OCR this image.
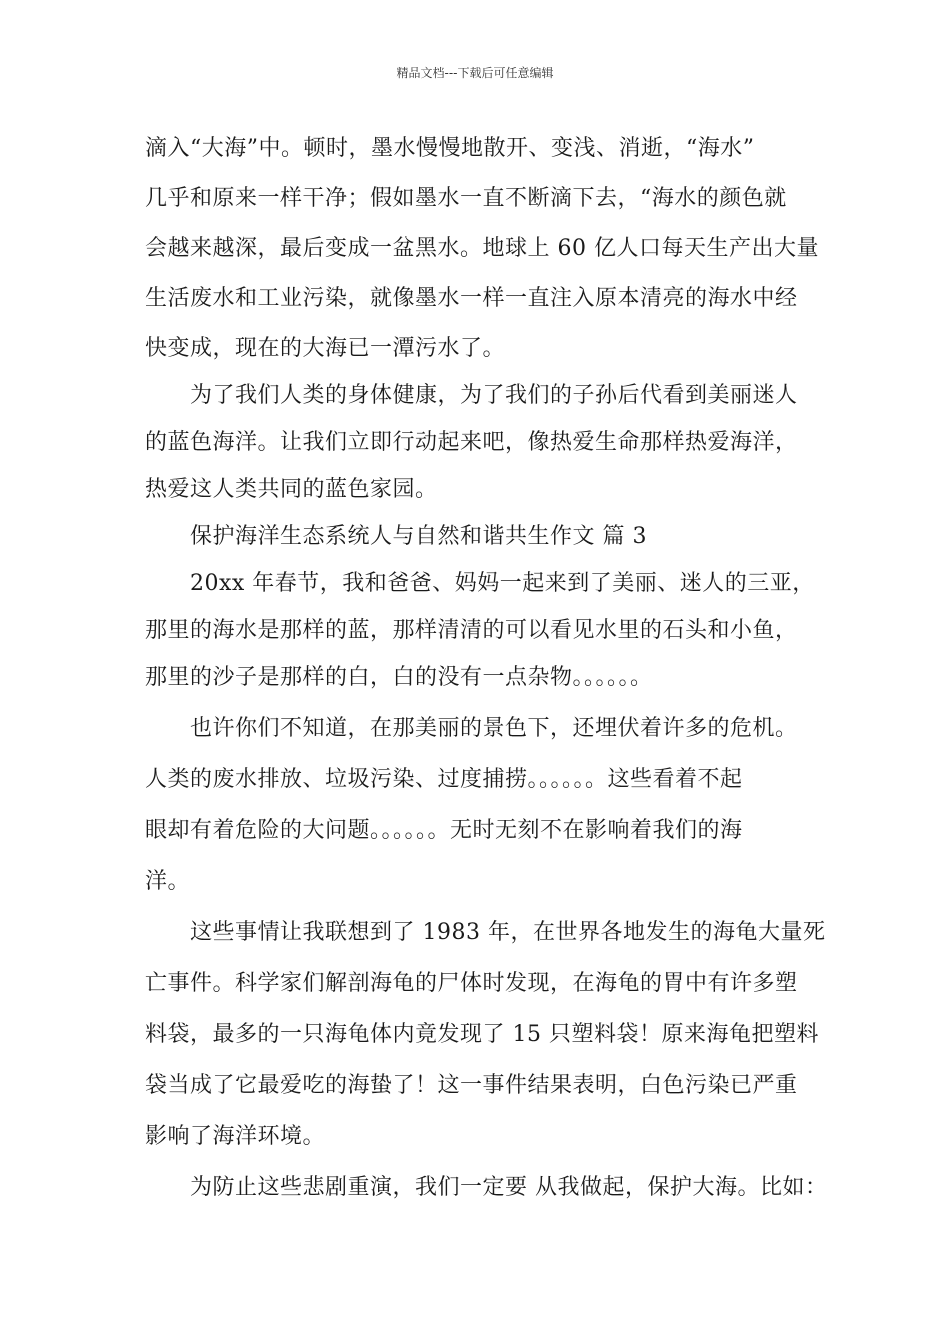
精品文档---下载后可任意编辑
滴入“大海”中。顿时，墨水慢慢地散开、变浅、消逝，“海水”
几乎和原来一样干净；假如墨水一直不断滴下去，“海水的颜色就
会越来越深，最后变成一盆黑水。地球上 60 亿人口每天生产出大量
生活废水和工业污染，就像墨水一样一直注入原本清亮的海水中经
快变成，现在的大海已一潭污水了。
为了我们人类的身体健康，为了我们的子孙后代看到美丽迷人
的蓝色海洋。让我们立即行动起来吧，像热爱生命那样热爱海洋，
热爱这人类共同的蓝色家园。
保护海洋生态系统人与自然和谐共生作文 篇 3
20xx 年春节，我和爸爸、妈妈一起来到了美丽、迷人的三亚，
那里的海水是那样的蓝，那样清清的可以看见水里的石头和小鱼，
那里的沙子是那样的白，白的没有一点杂物。。。。。。
也许你们不知道，在那美丽的景色下，还埋伏着许多的危机。
人类的废水排放、垃圾污染、过度捕捞。。。。。。这些看着不起
眼却有着危险的大问题。。。。。。无时无刻不在影响着我们的海
洋。
这些事情让我联想到了 1983 年，在世界各地发生的海龟大量死
亡事件。科学家们解剖海龟的尸体时发现，在海龟的胃中有许多塑
料袋，最多的一只海龟体内竟发现了 15 只塑料袋！原来海龟把塑料
袋当成了它最爱吃的海蛰了！这一事件结果表明，白色污染已严重
影响了海洋环境。
为防止这些悲剧重演，我们一定要 从我做起，保护大海。比如：
